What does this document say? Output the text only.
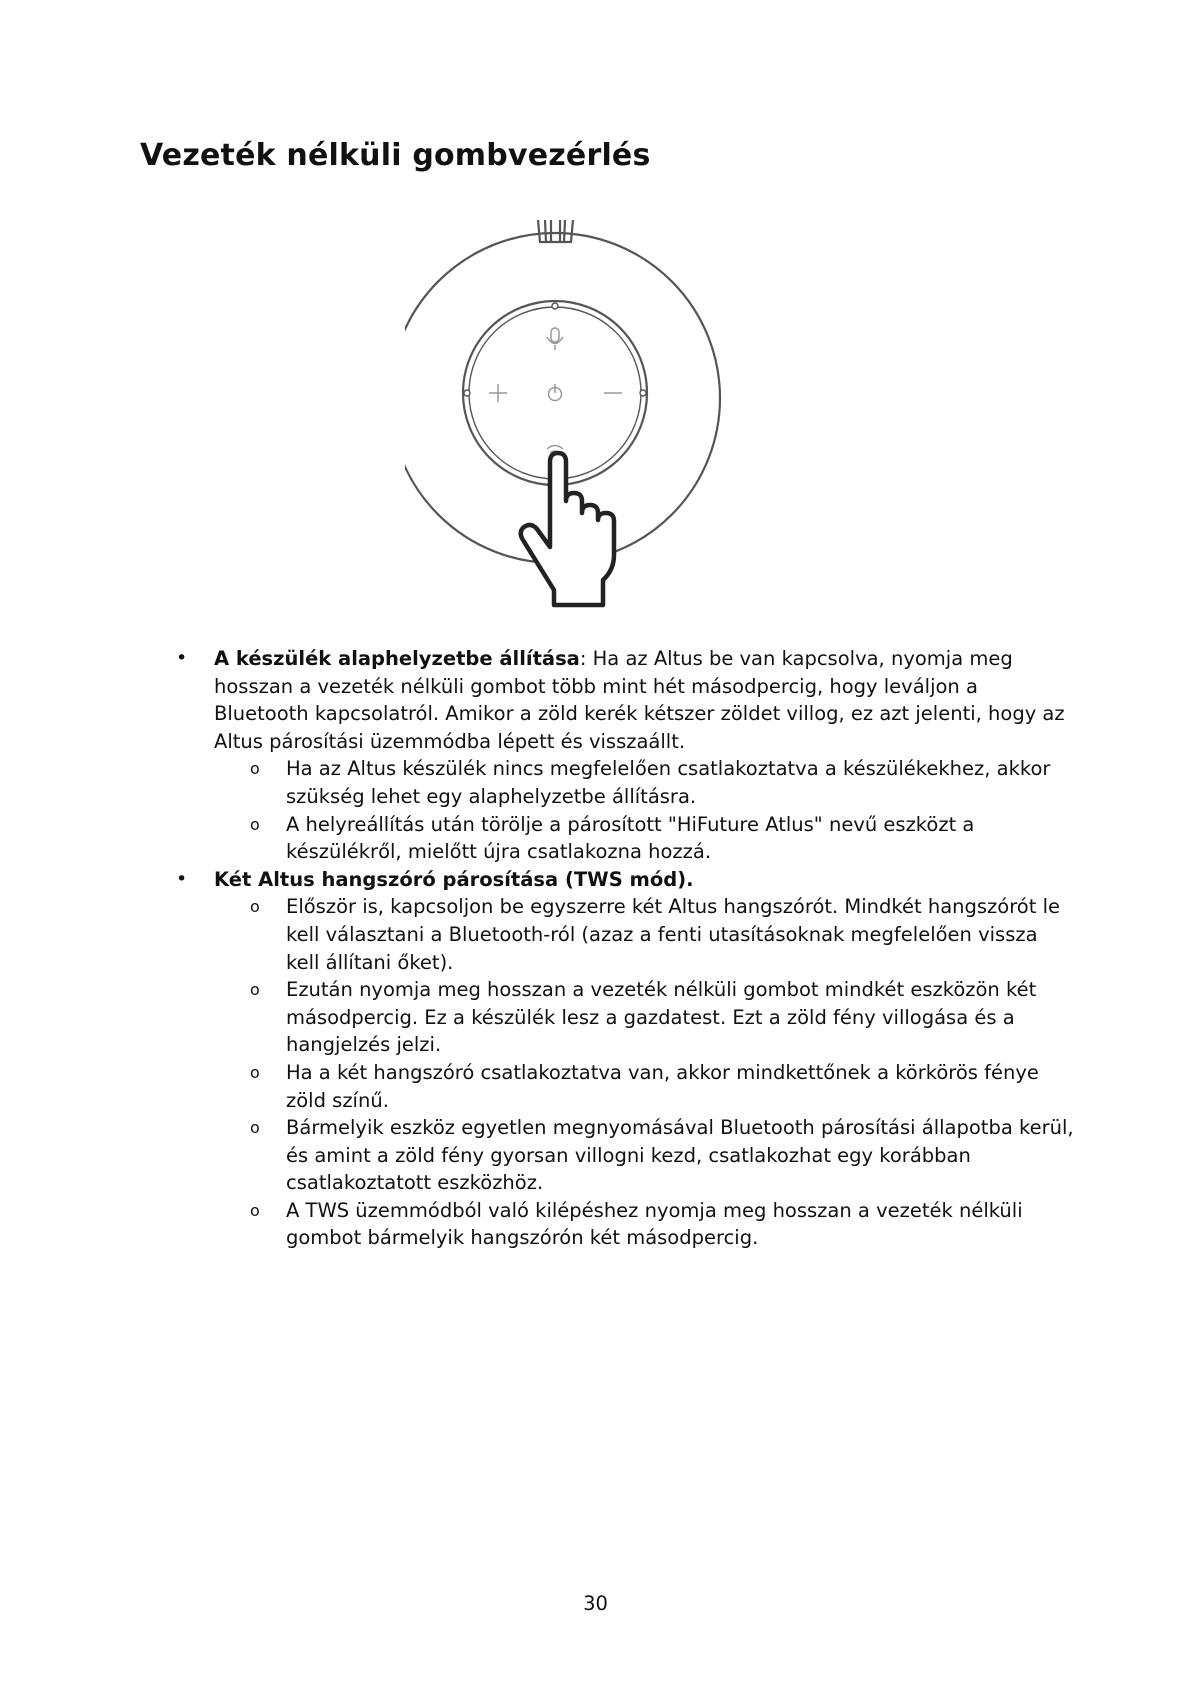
Vezeték nélküli gombvezérlés
• A készülék alaphelyzetbe állítása: Ha az Altus be van kapcsolva, nyomja meg hosszan a vezeték nélküli gombot több mint hét másodpercig, hogy leváljon a Bluetooth kapcsolatról. Amikor a zöld kerék kétszer zöldet villog, ez azt jelenti, hogy az Altus párosítási üzemmódba lépett és visszaállt.
o Ha az Altus készülék nincs megfelelően csatlakoztatva a készülékekhez, akkor szükség lehet egy alaphelyzetbe állításra.
o A helyreállítás után törölje a párosított "HiFuture Atlus" nevű eszközt a készülékről, mielőtt újra csatlakozna hozzá.
• Két Altus hangszóró párosítása (TWS mód).
o Először is, kapcsoljon be egyszerre két Altus hangszórót. Mindkét hangszórót le kell választani a Bluetooth-ról (azaz a fenti utasításoknak megfelelően vissza kell állítani őket).
o Ezután nyomja meg hosszan a vezeték nélküli gombot mindkét eszközön két másodpercig. Ez a készülék lesz a gazdatest. Ezt a zöld fény villogása és a hangjelzés jelzi.
o Ha a két hangszóró csatlakoztatva van, akkor mindkettőnek a körkörös fénye zöld színű.
o Bármelyik eszköz egyetlen megnyomásával Bluetooth párosítási állapotba kerül, és amint a zöld fény gyorsan villogni kezd, csatlakozhat egy korábban csatlakoztatott eszközhöz.
o A TWS üzemmódból való kilépéshez nyomja meg hosszan a vezeték nélküli gombot bármelyik hangszórón két másodpercig.
30
